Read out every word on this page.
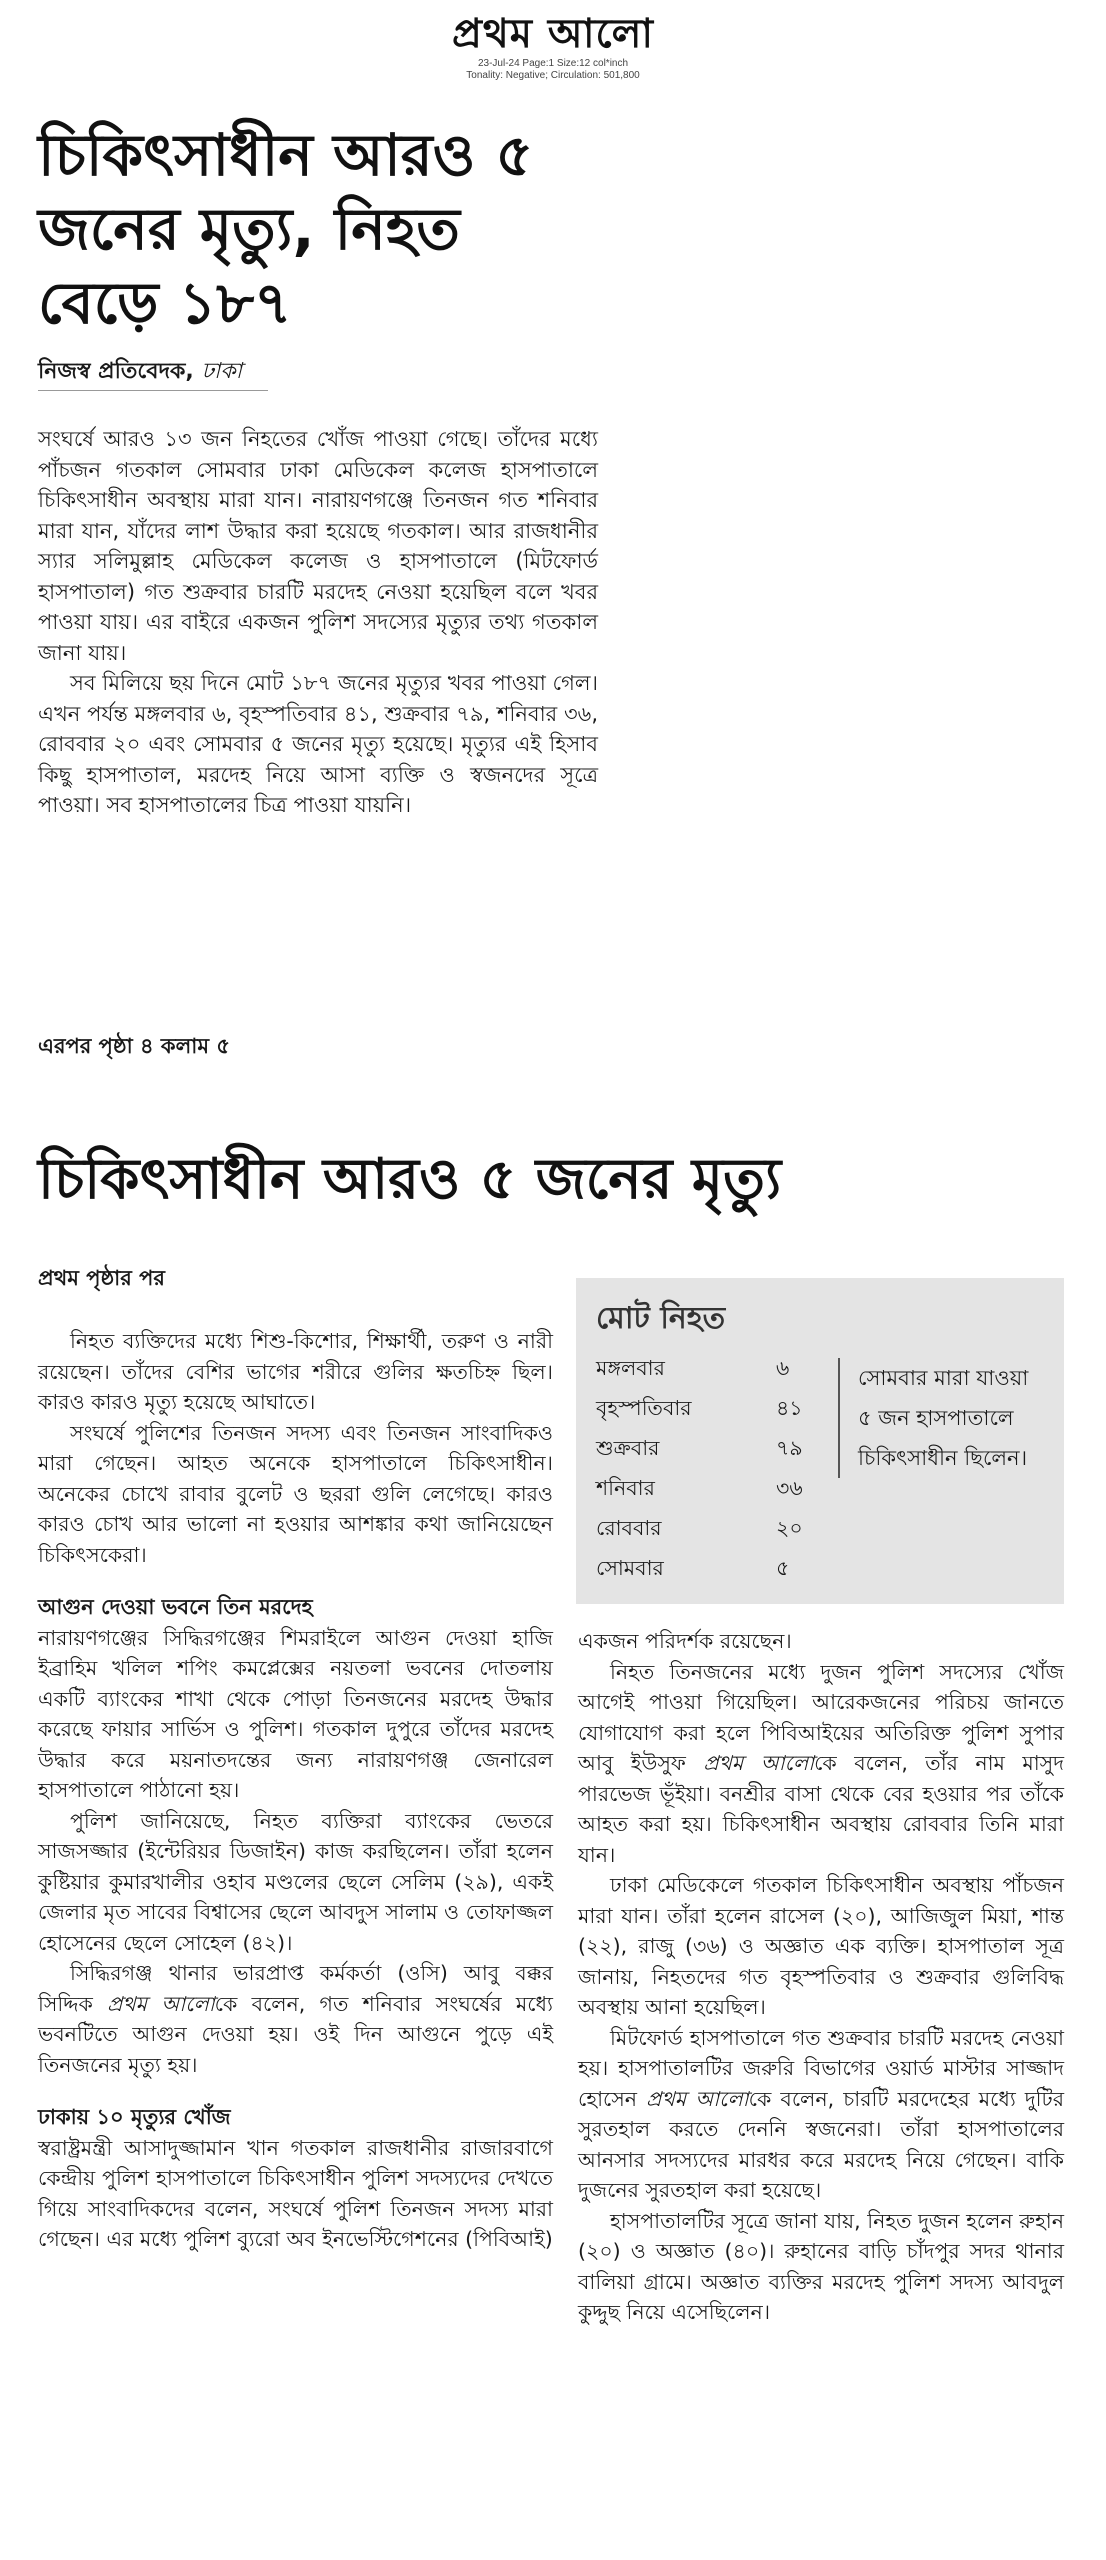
প্রথম আলো
23-Jul-24 Page:1 Size:12 col*inch
Tonality: Negative; Circulation: 501,800
চিকিৎসাধীন আরও ৫ জনের মৃত্যু, নিহত বেড়ে ১৮৭
নিজস্ব প্রতিবেদক, ঢাকা

সংঘর্ষে আরও ১৩ জন নিহতের খোঁজ পাওয়া গেছে। তাঁদের মধ্যে পাঁচজন গতকাল সোমবার ঢাকা মেডিকেল কলেজ হাসপাতালে চিকিৎসাধীন অবস্থায় মারা যান। নারায়ণগঞ্জে তিনজন গত শনিবার মারা যান, যাঁদের লাশ উদ্ধার করা হয়েছে গতকাল। আর রাজধানীর স্যার সলিমুল্লাহ মেডিকেল কলেজ ও হাসপাতালে (মিটফোর্ড হাসপাতাল) গত শুক্রবার চারটি মরদেহ নেওয়া হয়েছিল বলে খবর পাওয়া যায়। এর বাইরে একজন পুলিশ সদস্যের মৃত্যুর তথ্য গতকাল জানা যায়।

সব মিলিয়ে ছয় দিনে মোট ১৮৭ জনের মৃত্যুর খবর পাওয়া গেল। এখন পর্যন্ত মঙ্গলবার ৬, বৃহস্পতিবার ৪১, শুক্রবার ৭৯, শনিবার ৩৬, রোববার ২০ এবং সোমবার ৫ জনের মৃত্যু হয়েছে। মৃত্যুর এই হিসাব কিছু হাসপাতাল, মরদেহ নিয়ে আসা ব্যক্তি ও স্বজনদের সূত্রে পাওয়া। সব হাসপাতালের চিত্র পাওয়া যায়নি।

এরপর পৃষ্ঠা ৪ কলাম ৫
চিকিৎসাধীন আরও ৫ জনের মৃত্যু
প্রথম পৃষ্ঠার পর

নিহত ব্যক্তিদের মধ্যে শিশু-কিশোর, শিক্ষার্থী, তরুণ ও নারী রয়েছেন। তাঁদের বেশির ভাগের শরীরে গুলির ক্ষতচিহ্ন ছিল। কারও কারও মৃত্যু হয়েছে আঘাতে।

সংঘর্ষে পুলিশের তিনজন সদস্য এবং তিনজন সাংবাদিকও মারা গেছেন। আহত অনেকে হাসপাতালে চিকিৎসাধীন। অনেকের চোখে রাবার বুলেট ও ছররা গুলি লেগেছে। কারও কারও চোখ আর ভালো না হওয়ার আশঙ্কার কথা জানিয়েছেন চিকিৎসকেরা।

আগুন দেওয়া ভবনে তিন মরদেহ

নারায়ণগঞ্জের সিদ্ধিরগঞ্জের শিমরাইলে আগুন দেওয়া হাজি ইব্রাহিম খলিল শপিং কমপ্লেক্সের নয়তলা ভবনের দোতলায় একটি ব্যাংকের শাখা থেকে পোড়া তিনজনের মরদেহ উদ্ধার করেছে ফায়ার সার্ভিস ও পুলিশ। গতকাল দুপুরে তাঁদের মরদেহ উদ্ধার করে ময়নাতদন্তের জন্য নারায়ণগঞ্জ জেনারেল হাসপাতালে পাঠানো হয়।

পুলিশ জানিয়েছে, নিহত ব্যক্তিরা ব্যাংকের ভেতরে সাজসজ্জার (ইন্টেরিয়র ডিজাইন) কাজ করছিলেন। তাঁরা হলেন কুষ্টিয়ার কুমারখালীর ওহাব মণ্ডলের ছেলে সেলিম (২৯), একই জেলার মৃত সাবের বিশ্বাসের ছেলে আবদুস সালাম ও তোফাজ্জল হোসেনের ছেলে সোহেল (৪২)।

সিদ্ধিরগঞ্জ থানার ভারপ্রাপ্ত কর্মকর্তা (ওসি) আবু বক্কর সিদ্দিক প্রথম আলোকে বলেন, গত শনিবার সংঘর্ষের মধ্যে ভবনটিতে আগুন দেওয়া হয়। ওই দিন আগুনে পুড়ে এই তিনজনের মৃত্যু হয়।

ঢাকায় ১০ মৃত্যুর খোঁজ

স্বরাষ্ট্রমন্ত্রী আসাদুজ্জামান খান গতকাল রাজধানীর রাজারবাগে কেন্দ্রীয় পুলিশ হাসপাতালে চিকিৎসাধীন পুলিশ সদস্যদের দেখতে গিয়ে সাংবাদিকদের বলেন, সংঘর্ষে পুলিশ তিনজন সদস্য মারা গেছেন। এর মধ্যে পুলিশ ব্যুরো অব ইনভেস্টিগেশনের (পিবিআই)

মোট নিহত
মঙ্গলবার	৬
বৃহস্পতিবার	৪১
শুক্রবার	৭৯
শনিবার	৩৬
রোববার	২০
সোমবার	৫
সোমবার মারা যাওয়া ৫ জন হাসপাতালে চিকিৎসাধীন ছিলেন।

একজন পরিদর্শক রয়েছেন।

নিহত তিনজনের মধ্যে দুজন পুলিশ সদস্যের খোঁজ আগেই পাওয়া গিয়েছিল। আরেকজনের পরিচয় জানতে যোগাযোগ করা হলে পিবিআইয়ের অতিরিক্ত পুলিশ সুপার আবু ইউসুফ প্রথম আলোকে বলেন, তাঁর নাম মাসুদ পারভেজ ভূঁইয়া। বনশ্রীর বাসা থেকে বের হওয়ার পর তাঁকে আহত করা হয়। চিকিৎসাধীন অবস্থায় রোববার তিনি মারা যান।

ঢাকা মেডিকেলে গতকাল চিকিৎসাধীন অবস্থায় পাঁচজন মারা যান। তাঁরা হলেন রাসেল (২০), আজিজুল মিয়া, শান্ত (২২), রাজু (৩৬) ও অজ্ঞাত এক ব্যক্তি। হাসপাতাল সূত্র জানায়, নিহতদের গত বৃহস্পতিবার ও শুক্রবার গুলিবিদ্ধ অবস্থায় আনা হয়েছিল।

মিটফোর্ড হাসপাতালে গত শুক্রবার চারটি মরদেহ নেওয়া হয়। হাসপাতালটির জরুরি বিভাগের ওয়ার্ড মাস্টার সাজ্জাদ হোসেন প্রথম আলোকে বলেন, চারটি মরদেহের মধ্যে দুটির সুরতহাল করতে দেননি স্বজনেরা। তাঁরা হাসপাতালের আনসার সদস্যদের মারধর করে মরদেহ নিয়ে গেছেন। বাকি দুজনের সুরতহাল করা হয়েছে।

হাসপাতালটির সূত্রে জানা যায়, নিহত দুজন হলেন রুহান (২০) ও অজ্ঞাত (৪০)। রুহানের বাড়ি চাঁদপুর সদর থানার বালিয়া গ্রামে। অজ্ঞাত ব্যক্তির মরদেহ পুলিশ সদস্য আবদুল কুদ্দুছ নিয়ে এসেছিলেন।
